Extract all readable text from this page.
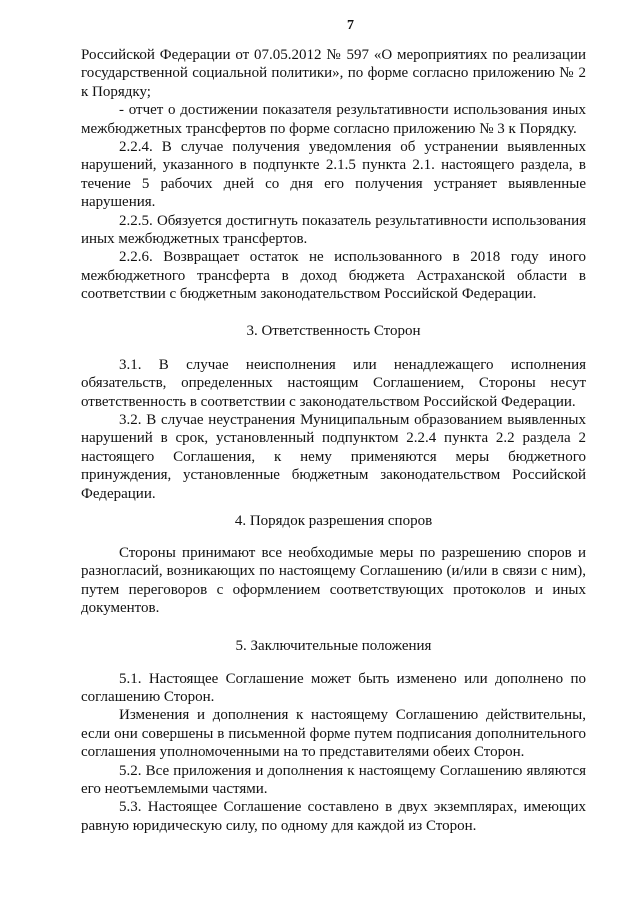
7

Российской Федерации от 07.05.2012 № 597 «О мероприятиях по реализации государственной социальной политики», по форме согласно приложению № 2 к Порядку;

- отчет о достижении показателя результативности использования иных межбюджетных трансфертов по форме согласно приложению № 3 к Порядку.

2.2.4. В случае получения уведомления об устранении выявленных нарушений, указанного в подпункте 2.1.5 пункта 2.1. настоящего раздела, в течение 5 рабочих дней со дня его получения устраняет выявленные нарушения.

2.2.5. Обязуется достигнуть показатель результативности использования иных межбюджетных трансфертов.

2.2.6. Возвращает остаток не использованного в 2018 году иного межбюджетного трансферта в доход бюджета Астраханской области в соответствии с бюджетным законодательством Российской Федерации.

3. Ответственность Сторон

3.1. В случае неисполнения или ненадлежащего исполнения обязательств, определенных настоящим Соглашением, Стороны несут ответственность в соответствии с законодательством Российской Федерации.

3.2. В случае неустранения Муниципальным образованием выявленных нарушений в срок, установленный подпунктом 2.2.4 пункта 2.2 раздела 2 настоящего Соглашения, к нему применяются меры бюджетного принуждения, установленные бюджетным законодательством Российской Федерации.

4. Порядок разрешения споров

Стороны принимают все необходимые меры по разрешению споров и разногласий, возникающих по настоящему Соглашению (и/или в связи с ним), путем переговоров с оформлением соответствующих протоколов и иных документов.

5. Заключительные положения

5.1. Настоящее Соглашение может быть изменено или дополнено по соглашению Сторон.

Изменения и дополнения к настоящему Соглашению действительны, если они совершены в письменной форме путем подписания дополнительного соглашения уполномоченными на то представителями обеих Сторон.

5.2. Все приложения и дополнения к настоящему Соглашению являются его неотъемлемыми частями.

5.3. Настоящее Соглашение составлено в двух экземплярах, имеющих равную юридическую силу, по одному для каждой из Сторон.
